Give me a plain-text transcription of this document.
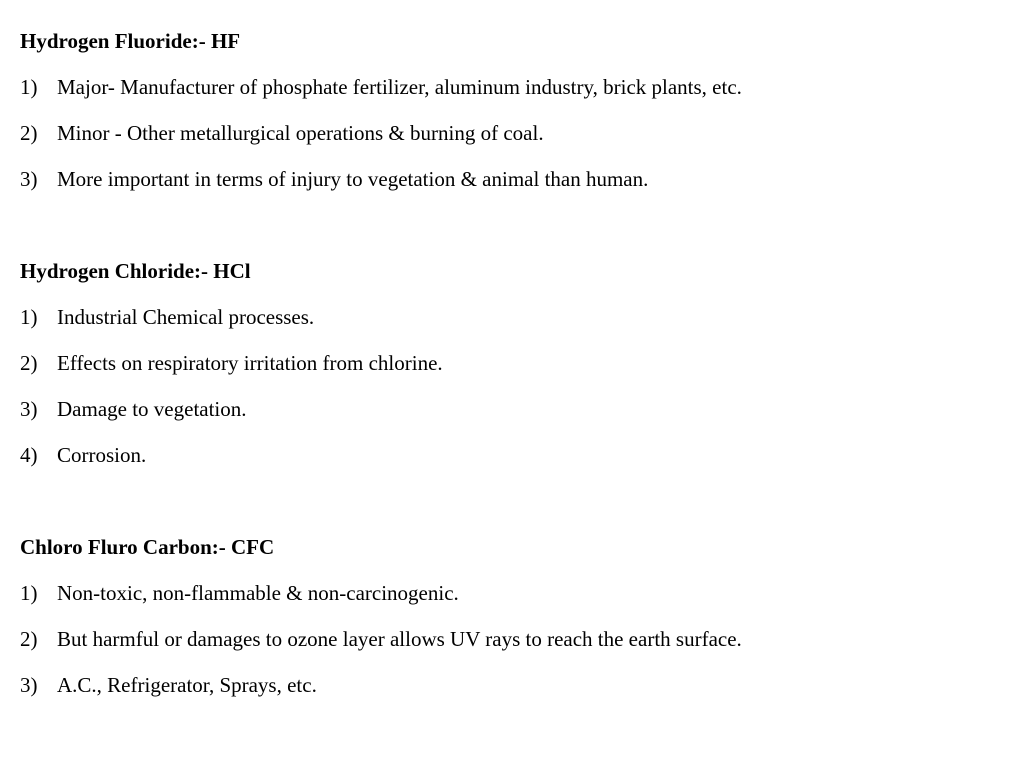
Hydrogen Fluoride:- HF
1) Major- Manufacturer of phosphate fertilizer, aluminum industry, brick plants, etc.
2) Minor - Other metallurgical operations & burning of coal.
3) More important in terms of injury to vegetation & animal than human.
Hydrogen Chloride:- HCl
1) Industrial Chemical processes.
2) Effects on respiratory irritation from chlorine.
3) Damage to vegetation.
4) Corrosion.
Chloro Fluro Carbon:- CFC
1) Non-toxic, non-flammable & non-carcinogenic.
2) But harmful or damages to ozone layer allows UV rays to reach the earth surface.
3) A.C., Refrigerator, Sprays, etc.
